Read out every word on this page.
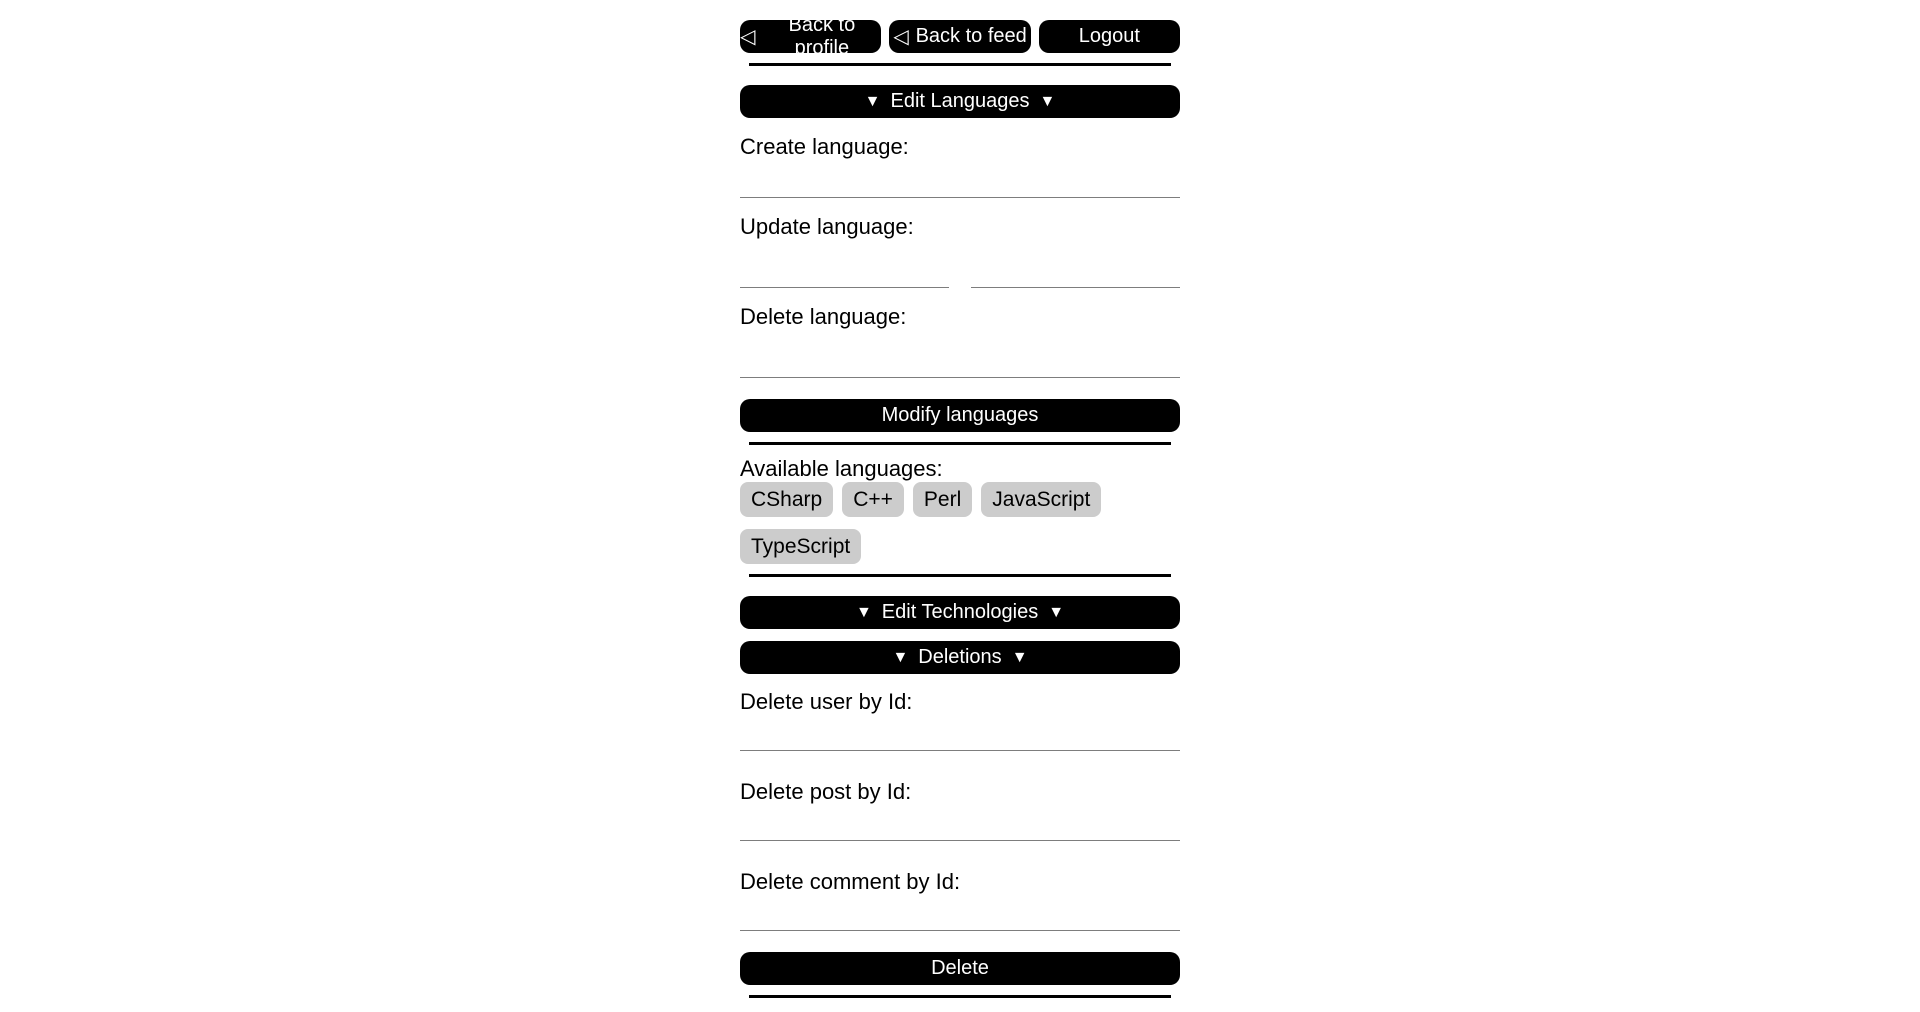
◁
Back to profile	◁ Back to feed	Logout
▼ Edit Languages ▼
Create language:
Update language:
Delete language:
Modify languages
Available languages:
CSharp	C++	Perl	JavaScript
TypeScript
▼ Edit Technologies ▼
▼ Deletions ▼
Delete user by Id:
Delete post by Id:
Delete comment by Id:
Delete
